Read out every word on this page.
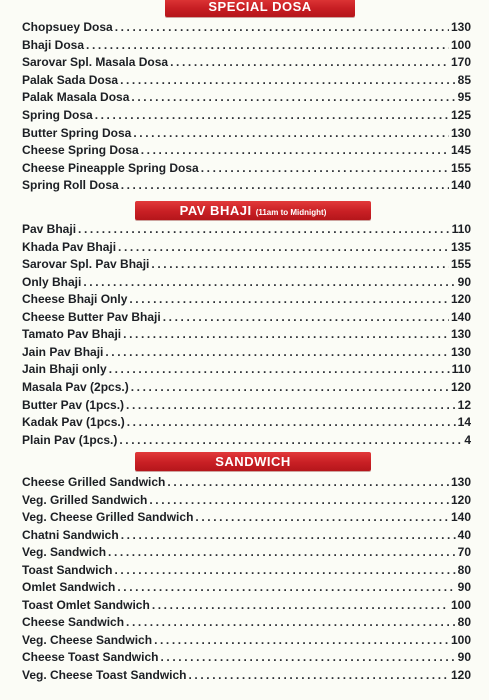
SPECIAL DOSA
Chopsuey Dosa .....	130
Bhaji Dosa .....	100
Sarovar Spl. Masala Dosa .....	170
Palak Sada Dosa .....	85
Palak Masala Dosa .....	95
Spring Dosa .....	125
Butter Spring Dosa .....	130
Cheese Spring Dosa .....	145
Cheese Pineapple Spring Dosa .....	155
Spring Roll Dosa .....	140
PAV BHAJI (11am to Midnight)
Pav Bhaji .....	110
Khada Pav Bhaji .....	135
Sarovar Spl. Pav Bhaji .....	155
Only Bhaji .....	90
Cheese Bhaji Only .....	120
Cheese Butter Pav Bhaji .....	140
Tamato Pav Bhaji .....	130
Jain Pav Bhaji .....	130
Jain Bhaji only .....	110
Masala Pav (2pcs.) .....	120
Butter Pav (1pcs.) .....	12
Kadak Pav (1pcs.) .....	14
Plain Pav (1pcs.) .....	4
SANDWICH
Cheese Grilled Sandwich .....	130
Veg. Grilled Sandwich .....	120
Veg. Cheese Grilled Sandwich .....	140
Chatni Sandwich .....	40
Veg. Sandwich .....	70
Toast Sandwich .....	80
Omlet Sandwich .....	90
Toast Omlet Sandwich .....	100
Cheese Sandwich .....	80
Veg. Cheese Sandwich .....	100
Cheese Toast Sandwich .....	90
Veg. Cheese Toast Sandwich .....	120
